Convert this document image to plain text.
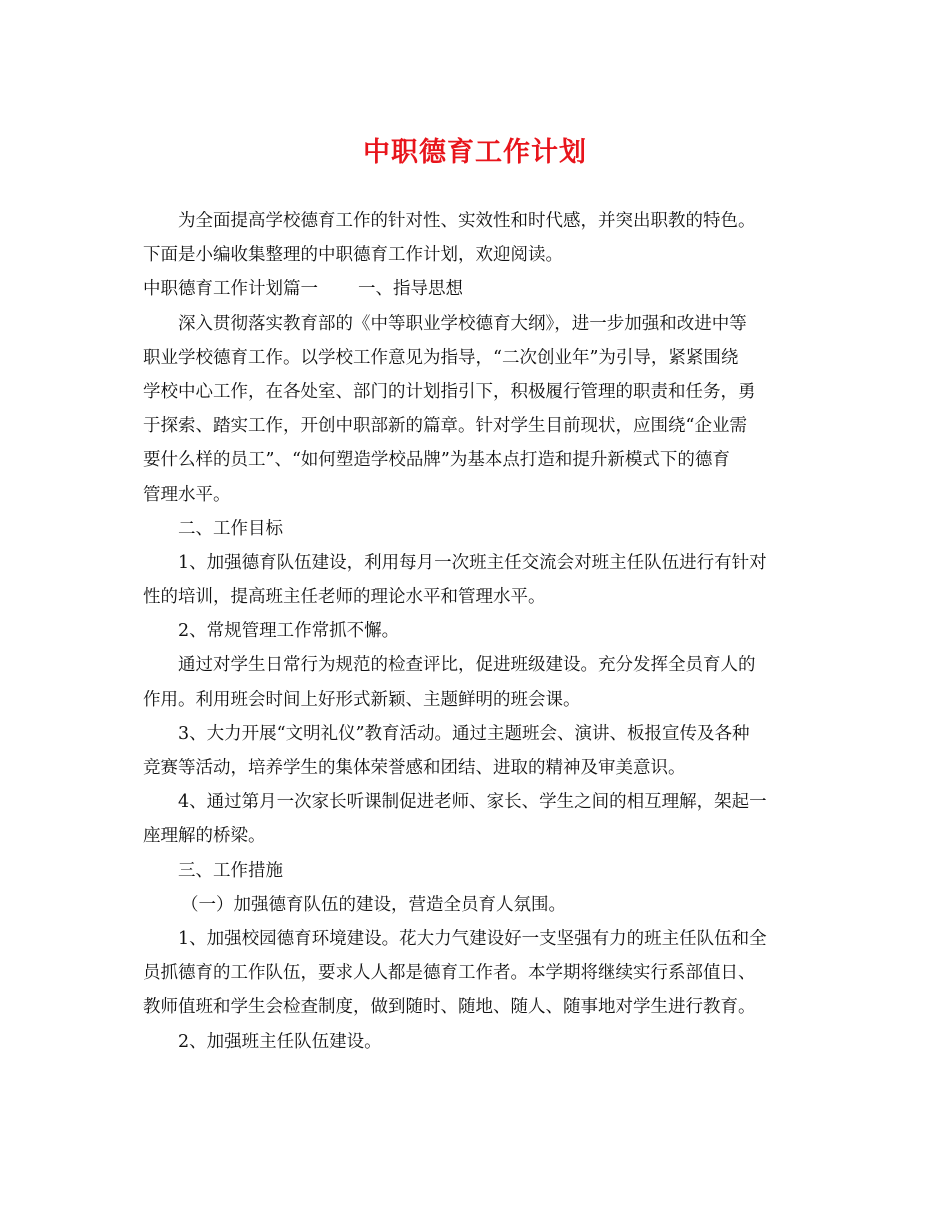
中职德育工作计划

为全面提高学校德育工作的针对性、实效性和时代感，并突出职教的特色。

下面是小编收集整理的中职德育工作计划，欢迎阅读。

中职德育工作计划篇一 一、指导思想

深入贯彻落实教育部的《中等职业学校德育大纲》，进一步加强和改进中等

职业学校德育工作。以学校工作意见为指导，“二次创业年”为引导，紧紧围绕

学校中心工作，在各处室、部门的计划指引下，积极履行管理的职责和任务，勇

于探索、踏实工作，开创中职部新的篇章。针对学生目前现状，应围绕“企业需

要什么样的员工”、“如何塑造学校品牌”为基本点打造和提升新模式下的德育

管理水平。

二、工作目标

1、加强德育队伍建设，利用每月一次班主任交流会对班主任队伍进行有针对

性的培训，提高班主任老师的理论水平和管理水平。

2、常规管理工作常抓不懈。

通过对学生日常行为规范的检查评比，促进班级建设。充分发挥全员育人的

作用。利用班会时间上好形式新颖、主题鲜明的班会课。

3、大力开展“文明礼仪”教育活动。通过主题班会、演讲、板报宣传及各种

竞赛等活动，培养学生的集体荣誉感和团结、进取的精神及审美意识。

4、通过第月一次家长听课制促进老师、家长、学生之间的相互理解，架起一

座理解的桥梁。

三、工作措施

（一）加强德育队伍的建设，营造全员育人氛围。

1、加强校园德育环境建设。花大力气建设好一支坚强有力的班主任队伍和全

员抓德育的工作队伍，要求人人都是德育工作者。本学期将继续实行系部值日、

教师值班和学生会检查制度，做到随时、随地、随人、随事地对学生进行教育。

2、加强班主任队伍建设。
